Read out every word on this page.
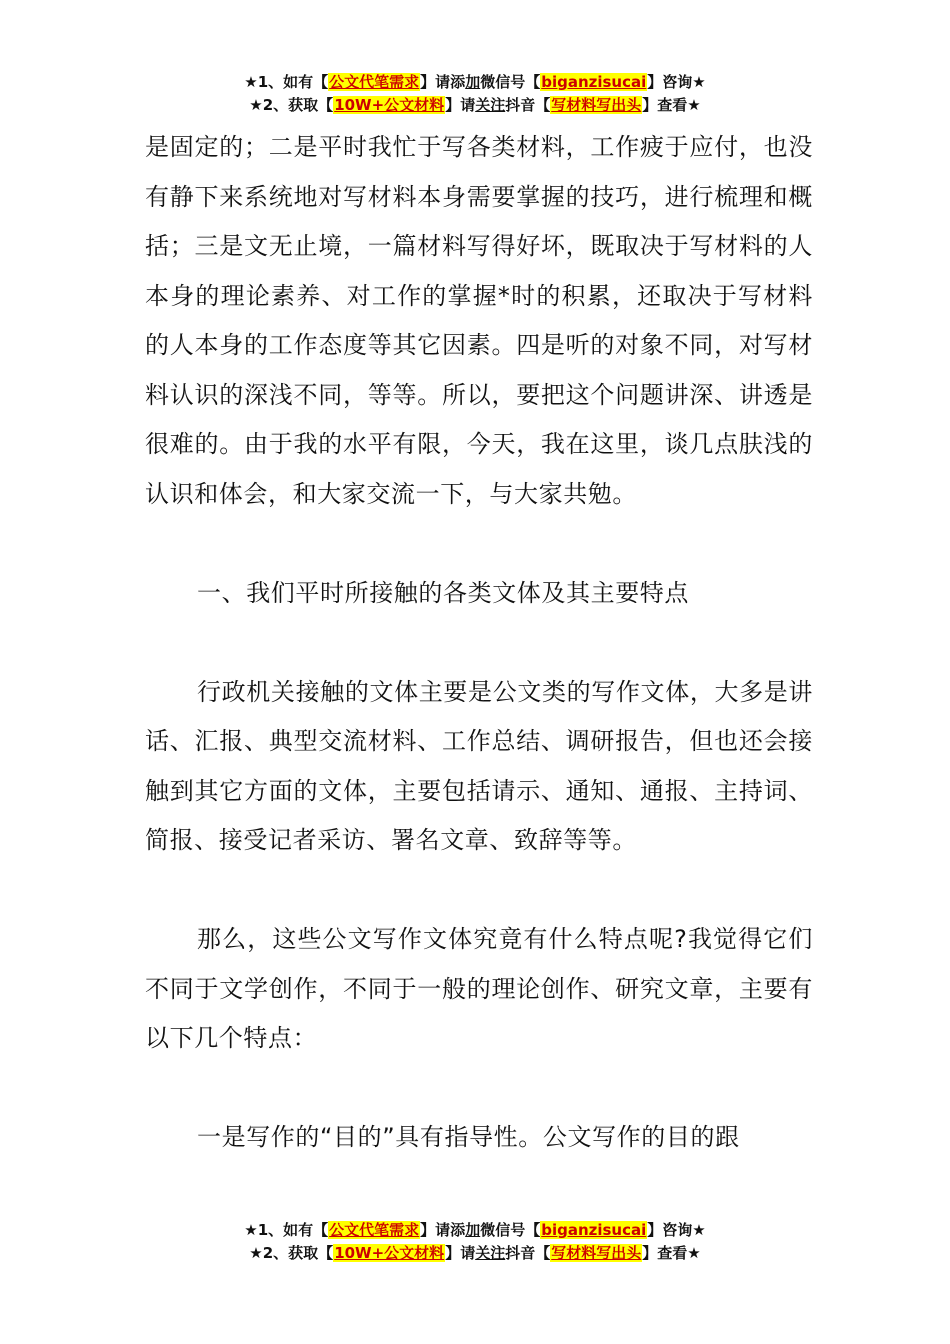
★1、如有【公文代笔需求】请添加微信号【biganzisucai】咨询★
★2、获取【10W+公文材料】请关注抖音【写材料写出头】查看★

是固定的；二是平时我忙于写各类材料，工作疲于应付，也没有静下来系统地对写材料本身需要掌握的技巧，进行梳理和概括；三是文无止境，一篇材料写得好坏，既取决于写材料的人本身的理论素养、对工作的掌握*时的积累，还取决于写材料的人本身的工作态度等其它因素。四是听的对象不同，对写材料认识的深浅不同，等等。所以，要把这个问题讲深、讲透是很难的。由于我的水平有限，今天，我在这里，谈几点肤浅的认识和体会，和大家交流一下，与大家共勉。

一、我们平时所接触的各类文体及其主要特点

行政机关接触的文体主要是公文类的写作文体，大多是讲话、汇报、典型交流材料、工作总结、调研报告，但也还会接触到其它方面的文体，主要包括请示、通知、通报、主持词、简报、接受记者采访、署名文章、致辞等等。

那么，这些公文写作文体究竟有什么特点呢?我觉得它们不同于文学创作，不同于一般的理论创作、研究文章，主要有以下几个特点：

一是写作的“目的”具有指导性。公文写作的目的跟

★1、如有【公文代笔需求】请添加微信号【biganzisucai】咨询★
★2、获取【10W+公文材料】请关注抖音【写材料写出头】查看★
